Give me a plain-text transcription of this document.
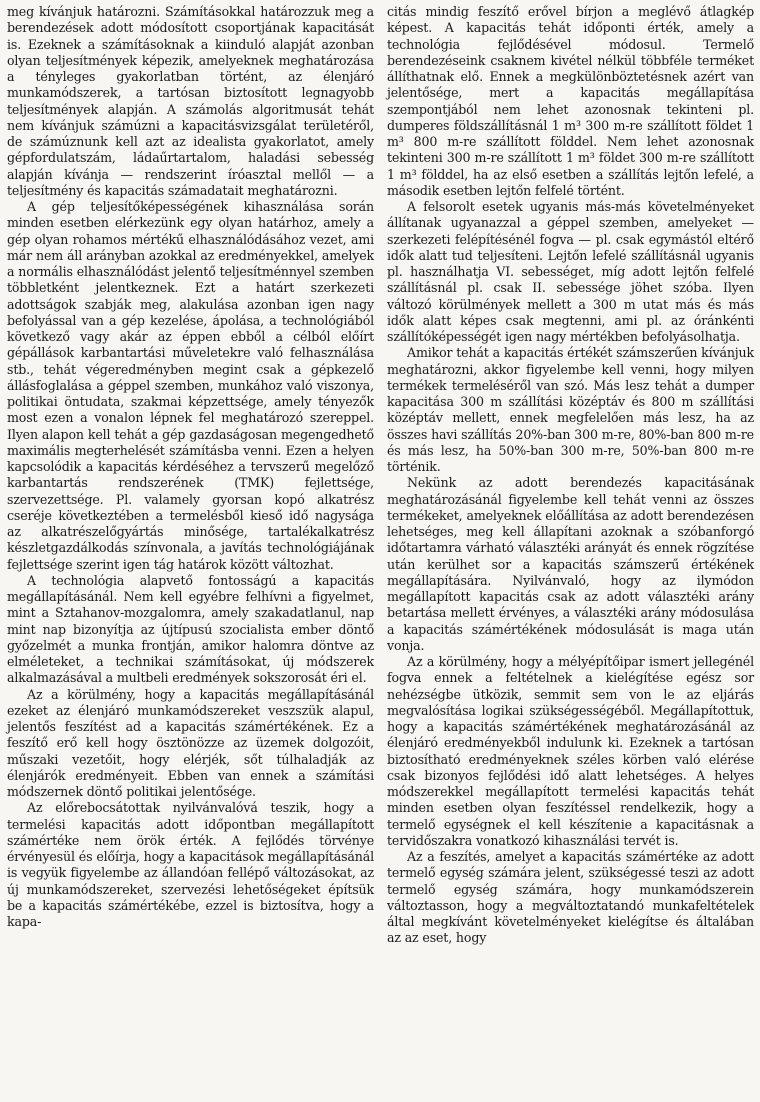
meg kívánjuk határozni. Számításokkal határozzuk meg a berendezések adott módosított csoportjának kapacitását is. Ezeknek a számításoknak a kiinduló alapját azonban olyan teljesítmények képezik, amelyeknek meghatározása a tényleges gyakorlatban történt, az élenjáró munkamódszerek, a tartósan biztosított legnagyobb teljesítmények alapján. A számolás algoritmusát tehát nem kívánjuk számúzni a kapacitásvizsgálat területéről, de számúznunk kell azt az idealista gyakorlatot, amely gépfordulatszám, ládaűrtartalom, haladási sebesség alapján kívánja — rendszerint íróasztal mellől — a teljesítmény és kapacitás számadatait meghatározni.

A gép teljesítőképességének kihasználása során minden esetben elérkezünk egy olyan határhoz, amely a gép olyan rohamos mértékű elhasználódásához vezet, ami már nem áll arányban azokkal az eredményekkel, amelyek a normális elhasználódást jelentő teljesítménnyel szemben többletként jelentkeznek. Ezt a határt szerkezeti adottságok szabják meg, alakulása azonban igen nagy befolyással van a gép kezelése, ápolása, a technológiából következő vagy akár az éppen ebből a célból előírt gépállások karbantartási műveletekre való felhasználása stb., tehát végeredményben megint csak a gépkezelő állásfoglalása a géppel szemben, munkához való viszonya, politikai öntudata, szakmai képzettsége, amely tényezők most ezen a vonalon lépnek fel meghatározó szereppel. Ilyen alapon kell tehát a gép gazdaságosan megengedhető maximális megterhelését számításba venni. Ezen a helyen kapcsolódik a kapacitás kérdéséhez a tervszerű megelőző karbantartás rendszerének (TMK) fejlettsége, szervezettsége. Pl. valamely gyorsan kopó alkatrész cseréje következtében a termelésből kieső idő nagysága az alkatrészelőgyártás minősége, tartalékalkatrész készletgazdálkodás színvonala, a javítás technológiájának fejlettsége szerint igen tág határok között változhat.

A technológia alapvető fontosságú a kapacitás megállapításánál. Nem kell egyébre felhívni a figyelmet, mint a Sztahanov-mozgalomra, amely szakadatlanul, nap mint nap bizonyítja az újtípusú szocialista ember döntő győzelmét a munka frontján, amikor halomra döntve az elméleteket, a technikai számításokat, új módszerek alkalmazásával a multbeli eredmények sokszorosát éri el.

Az a körülmény, hogy a kapacitás megállapításánál ezeket az élenjáró munkamódszereket veszszük alapul, jelentős feszítést ad a kapacitás számértékének. Ez a feszítő erő kell hogy ösztönözze az üzemek dolgozóit, műszaki vezetőit, hogy elérjék, sőt túlhaladják az élenjárók eredményeit. Ebben van ennek a számítási módszernek döntő politikai jelentősége.

Az előrebocsátottak nyilvánvalóvá teszik, hogy a termelési kapacitás adott időpontban megállapított számértéke nem örök érték. A fejlődés törvénye érvényesül és előírja, hogy a kapacitások megállapításánál is vegyük figyelembe az állandóan fellépő változásokat, az új munkamódszereket, szervezési lehetőségeket építsük be a kapacitás számértékébe, ezzel is biztosítva, hogy a kapa-

citás mindig feszítő erővel bírjon a meglévő átlagkép képest. A kapacitás tehát időponti érték, amely a technológia fejlődésével módosul. Termelő berendezéseink csaknem kivétel nélkül többféle terméket állíthatnak elő. Ennek a megkülönböztetésnek azért van jelentősége, mert a kapacitás megállapítása szempontjából nem lehet azonosnak tekinteni pl. dumperes földszállításnál 1 m³ 300 m-re szállított földet 1 m³ 800 m-re szállított földdel. Nem lehet azonosnak tekinteni 300 m-re szállított 1 m³ földet 300 m-re szállított 1 m³ földdel, ha az első esetben a szállítás lejtőn lefelé, a második esetben lejtőn felfelé történt.

A felsorolt esetek ugyanis más-más követelményeket állítanak ugyanazzal a géppel szemben, amelyeket — szerkezeti felépítésénél fogva — pl. csak egymástól eltérő idők alatt tud teljesíteni. Lejtőn lefelé szállításnál ugyanis pl. használhatja VI. sebességet, míg adott lejtőn felfelé szállításnál pl. csak II. sebessége jöhet szóba. Ilyen változó körülmények mellett a 300 m utat más és más idők alatt képes csak megtenni, ami pl. az óránkénti szállítóképességét igen nagy mértékben befolyásolhatja.

Amikor tehát a kapacitás értékét számszerűen kívánjuk meghatározni, akkor figyelembe kell venni, hogy milyen termékek termeléséről van szó. Más lesz tehát a dumper kapacitása 300 m szállítási középtáv és 800 m szállítási középtáv mellett, ennek megfelelően más lesz, ha az összes havi szállítás 20%-ban 300 m-re, 80%-ban 800 m-re és más lesz, ha 50%-ban 300 m-re, 50%-ban 800 m-re történik.

Nekünk az adott berendezés kapacitásának meghatározásánál figyelembe kell tehát venni az összes termékeket, amelyeknek előállítása az adott berendezésen lehetséges, meg kell állapítani azoknak a szóbanforgó időtartamra várható választéki arányát és ennek rögzítése után kerülhet sor a kapacitás számszerű értékének megállapítására. Nyilvánvaló, hogy az ilymódon megállapított kapacitás csak az adott választéki arány betartása mellett érvényes, a választéki arány módosulása a kapacitás számértékének módosulását is maga után vonja.

Az a körülmény, hogy a mélyépítőipar ismert jellegénél fogva ennek a feltételnek a kielégítése egész sor nehézségbe ütközik, semmit sem von le az eljárás megvalósítása logikai szükségességéből. Megállapítottuk, hogy a kapacitás számértékének meghatározásánál az élenjáró eredményekből indulunk ki. Ezeknek a tartósan biztosítható eredményeknek széles körben való elérése csak bizonyos fejlődési idő alatt lehetséges. A helyes módszerekkel megállapított termelési kapacitás tehát minden esetben olyan feszítéssel rendelkezik, hogy a termelő egységnek el kell készítenie a kapacitásnak a tervidőszakra vonatkozó kihasználási tervét is.

Az a feszítés, amelyet a kapacitás számértéke az adott termelő egység számára jelent, szükségessé teszi az adott termelő egység számára, hogy munkamódszerein változtasson, hogy a megváltoztatandó munkafeltételek által megkívánt követelményeket kielégítse és általában az az eset, hogy
